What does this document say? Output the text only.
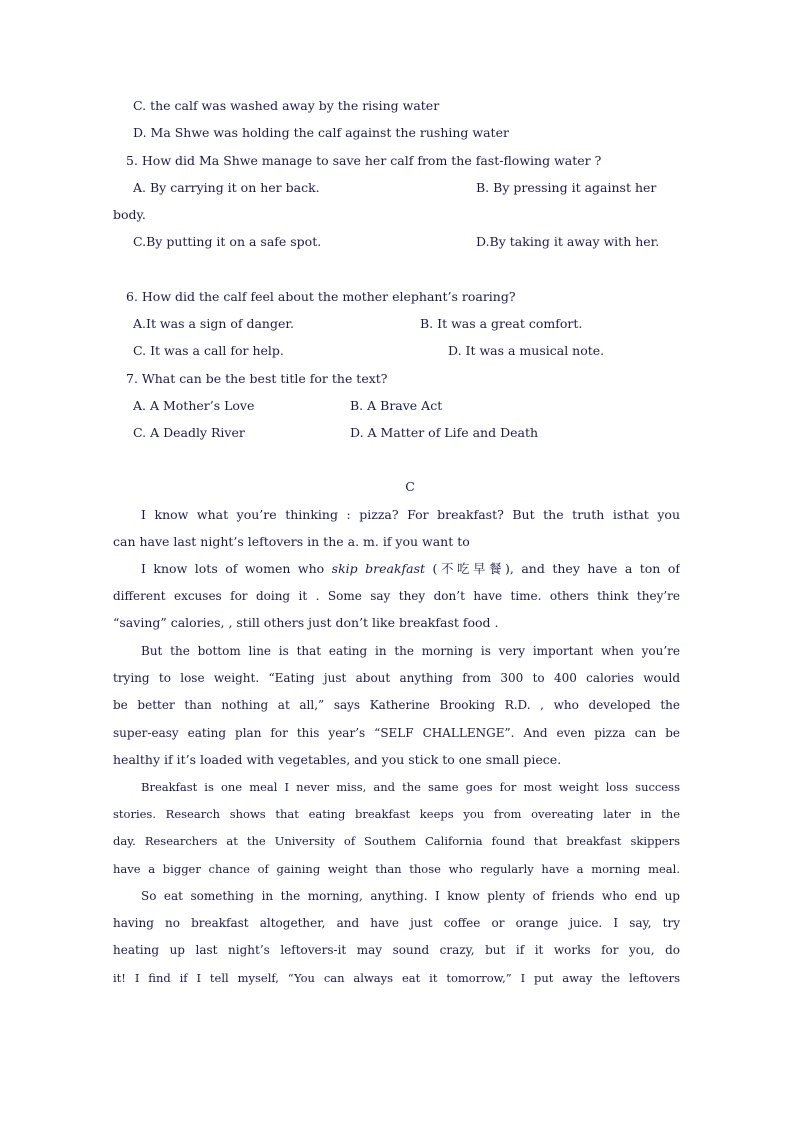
C. the calf was washed away by the rising water
D. Ma Shwe was holding the calf against the rushing water
5. How did Ma Shwe manage to save her calf from the fast-flowing water ?
A. By carrying it on her back.	B. By pressing it against her
body.
C.By putting it on a safe spot.	D.By taking it away with her.
6. How did the calf feel about the mother elephant’s roaring?
A.It was a sign of danger.	B. It was a great comfort.
C. It was a call for help.	D. It was a musical note.
7. What can be the best title for the text?
A. A Mother’s Love	B. A Brave Act
C. A Deadly River	D. A Matter of Life and Death
C
I know what you’re thinking : pizza? For breakfast? But the truth isthat you
can have last night’s leftovers in the a. m. if you want to
I know lots of women who skip breakfast (不吃早餐), and they have a ton of
different excuses for doing it . Some say they don’t have time. others think they’re
“saving” calories, , still others just don’t like breakfast food .
But the bottom line is that eating in the morning is very important when you’re
trying to lose weight. “Eating just about anything from 300 to 400 calories would
be better than nothing at all,” says Katherine Brooking R.D. , who developed the
super-easy eating plan for this year’s “SELF CHALLENGE”. And even pizza can be
healthy if it’s loaded with vegetables, and you stick to one small piece.
Breakfast is one meal I never miss, and the same goes for most weight loss success
stories. Research shows that eating breakfast keeps you from overeating later in the
day. Researchers at the University of Southem California found that breakfast skippers
have a bigger chance of gaining weight than those who regularly have a morning meal.
So eat something in the morning, anything. I know plenty of friends who end up
having no breakfast altogether, and have just coffee or orange juice. I say, try
heating up last night’s leftovers-it may sound crazy, but if it works for you, do
it! I find if I tell myself, “You can always eat it tomorrow,” I put away the leftovers
